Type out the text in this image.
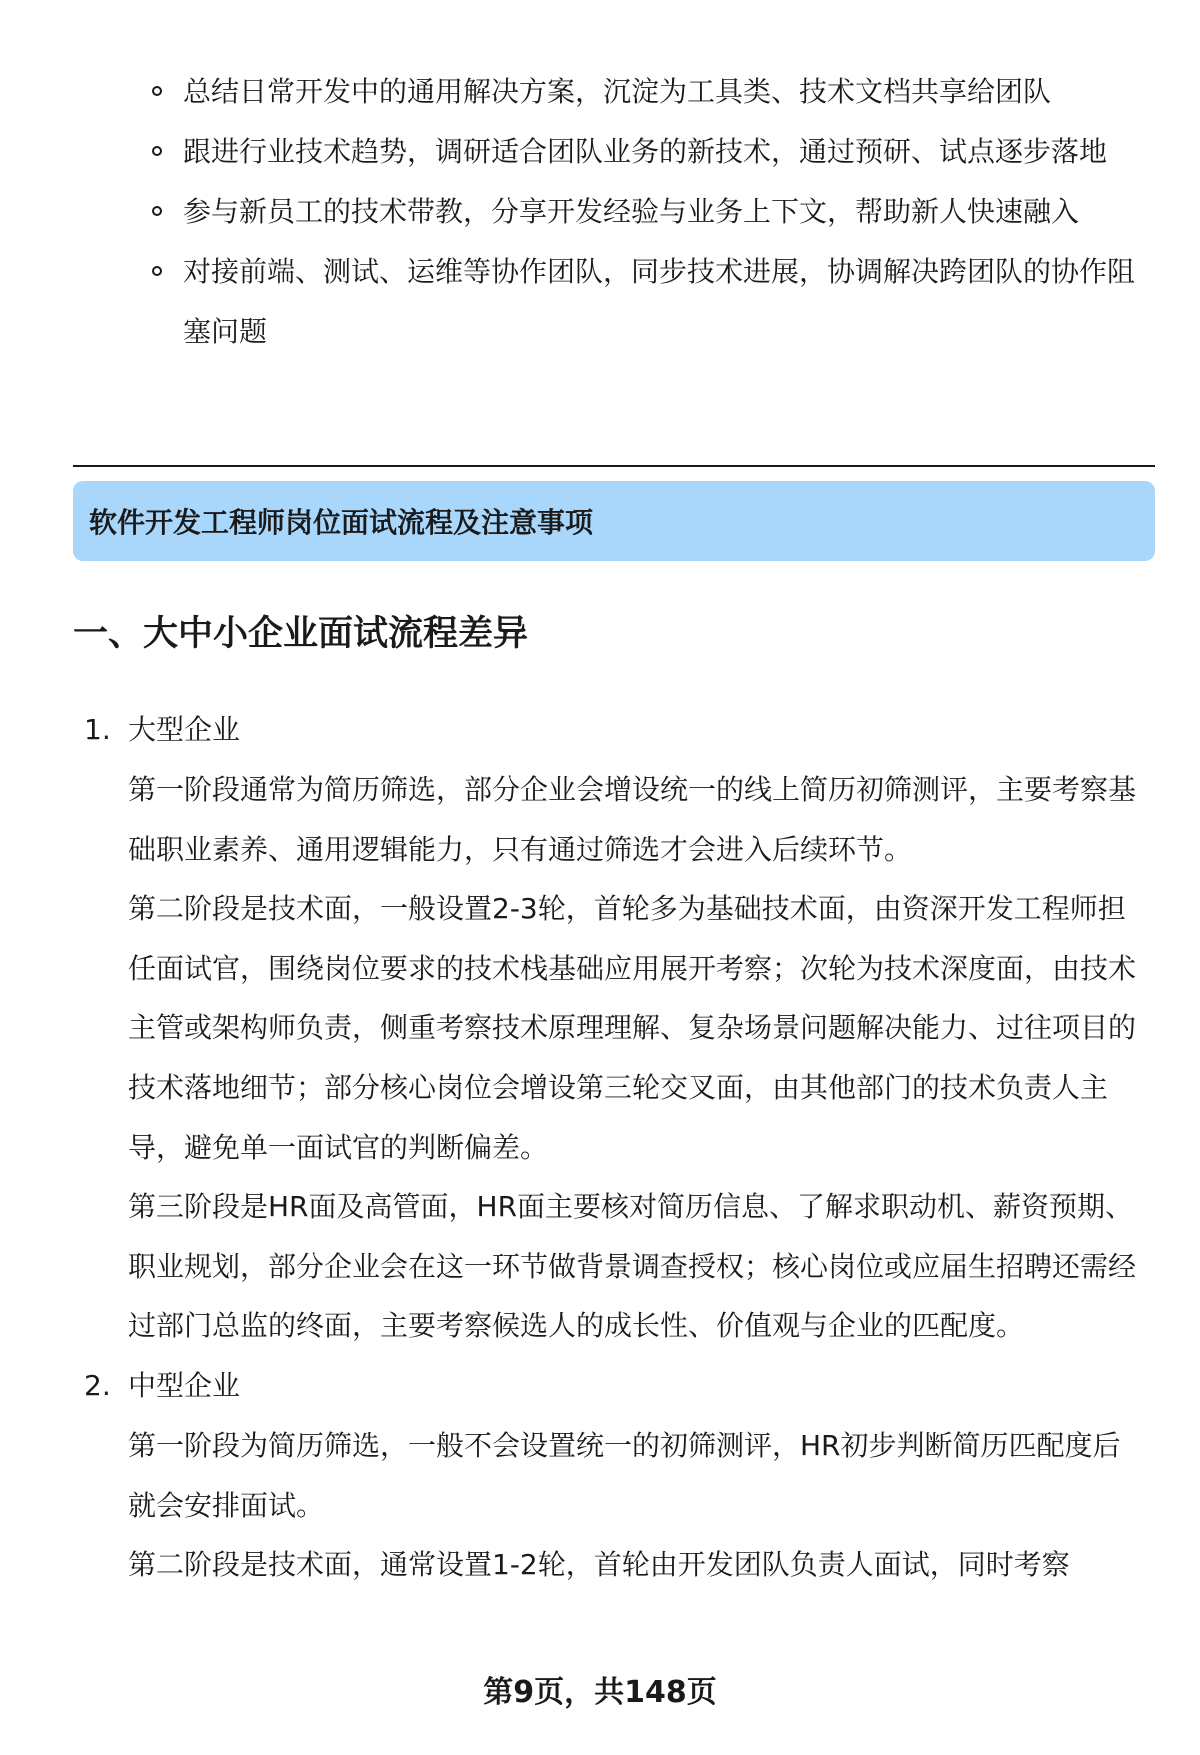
总结日常开发中的通用解决方案，沉淀为工具类、技术文档共享给团队
跟进行业技术趋势，调研适合团队业务的新技术，通过预研、试点逐步落地
参与新员工的技术带教，分享开发经验与业务上下文，帮助新人快速融入
对接前端、测试、运维等协作团队，同步技术进展，协调解决跨团队的协作阻塞问题
软件开发工程师岗位面试流程及注意事项
一、大中小企业面试流程差异
1. 大型企业
第一阶段通常为简历筛选，部分企业会增设统一的线上简历初筛测评，主要考察基础职业素养、通用逻辑能力，只有通过筛选才会进入后续环节。
第二阶段是技术面，一般设置2-3轮，首轮多为基础技术面，由资深开发工程师担任面试官，围绕岗位要求的技术栈基础应用展开考察；次轮为技术深度面，由技术主管或架构师负责，侧重考察技术原理理解、复杂场景问题解决能力、过往项目的技术落地细节；部分核心岗位会增设第三轮交叉面，由其他部门的技术负责人主导，避免单一面试官的判断偏差。
第三阶段是HR面及高管面，HR面主要核对简历信息、了解求职动机、薪资预期、职业规划，部分企业会在这一环节做背景调查授权；核心岗位或应届生招聘还需经过部门总监的终面，主要考察候选人的成长性、价值观与企业的匹配度。
2. 中型企业
第一阶段为简历筛选，一般不会设置统一的初筛测评，HR初步判断简历匹配度后就会安排面试。
第二阶段是技术面，通常设置1-2轮，首轮由开发团队负责人面试，同时考察
第9页，共148页
